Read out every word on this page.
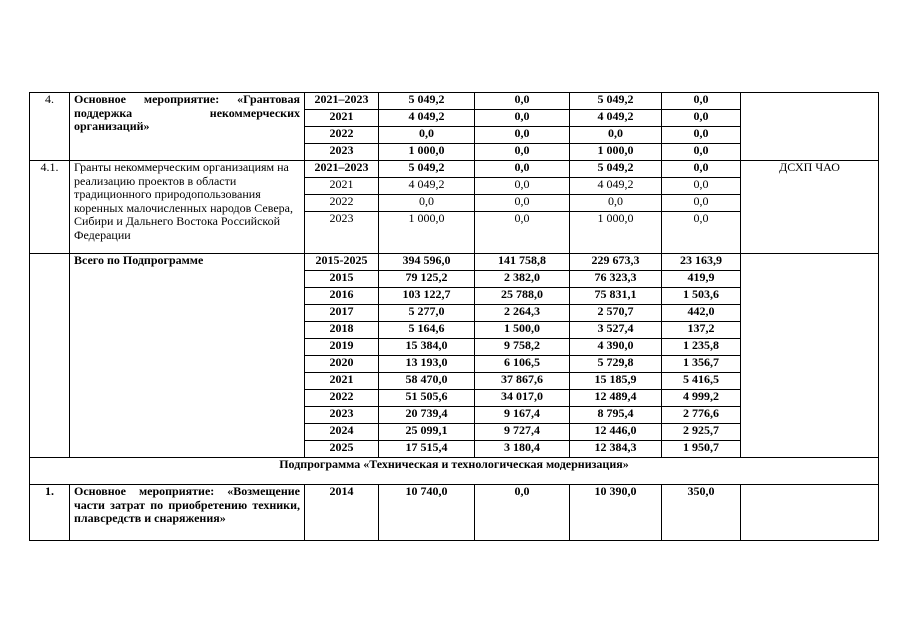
4.	Основное мероприятие: «Грантовая поддержка некоммерческих организаций»	2021–2023	5 049,2	0,0	5 049,2	0,0	
		2021	4 049,2	0,0	4 049,2	0,0	
		2022	0,0	0,0	0,0	0,0	
		2023	1 000,0	0,0	1 000,0	0,0	
4.1.	Гранты некоммерческим организациям на реализацию проектов в области традиционного природопользования коренных малочисленных народов Севера, Сибири и Дальнего Востока Российской Федерации	2021–2023	5 049,2	0,0	5 049,2	0,0	ДСХП ЧАО
		2021	4 049,2	0,0	4 049,2	0,0	
		2022	0,0	0,0	0,0	0,0	
		2023	1 000,0	0,0	1 000,0	0,0	
	Всего по Подпрограмме	2015-2025	394 596,0	141 758,8	229 673,3	23 163,9	
		2015	79 125,2	2 382,0	76 323,3	419,9	
		2016	103 122,7	25 788,0	75 831,1	1 503,6	
		2017	5 277,0	2 264,3	2 570,7	442,0	
		2018	5 164,6	1 500,0	3 527,4	137,2	
		2019	15 384,0	9 758,2	4 390,0	1 235,8	
		2020	13 193,0	6 106,5	5 729,8	1 356,7	
		2021	58 470,0	37 867,6	15 185,9	5 416,5	
		2022	51 505,6	34 017,0	12 489,4	4 999,2	
		2023	20 739,4	9 167,4	8 795,4	2 776,6	
		2024	25 099,1	9 727,4	12 446,0	2 925,7	
		2025	17 515,4	3 180,4	12 384,3	1 950,7	
Подпрограмма «Техническая и технологическая модернизация»							
1.	Основное мероприятие: «Возмещение части затрат по приобретению техники, плавсредств и снаряжения»	2014	10 740,0	0,0	10 390,0	350,0	
